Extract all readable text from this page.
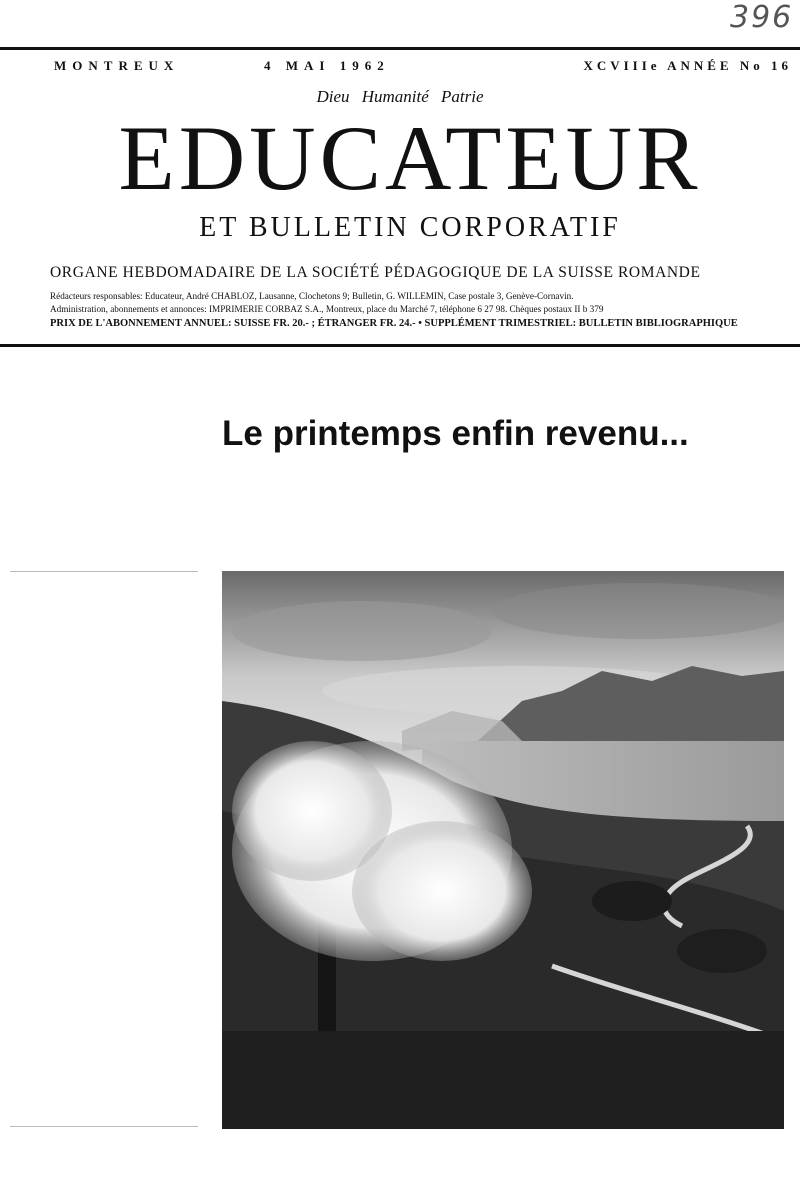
396
MONTREUX	4 MAI 1962	XCVIIIe ANNÉE No 16
Dieu Humanité Patrie
EDUCATEUR
ET BULLETIN CORPORATIF
ORGANE HEBDOMADAIRE DE LA SOCIÉTÉ PÉDAGOGIQUE DE LA SUISSE ROMANDE
Rédacteurs responsables: Educateur, André CHABLOZ, Lausanne, Clochetons 9; Bulletin, G. WILLEMIN, Case postale 3, Genève-Cornavin.
Administration, abonnements et annonces: IMPRIMERIE CORBAZ S.A., Montreux, place du Marché 7, téléphone 6 27 98. Chèques postaux II b 379
PRIX DE L'ABONNEMENT ANNUEL: SUISSE FR. 20.- ; ÉTRANGER FR. 24.- • SUPPLÉMENT TRIMESTRIEL: BULLETIN BIBLIOGRAPHIQUE
Le printemps enfin revenu...
